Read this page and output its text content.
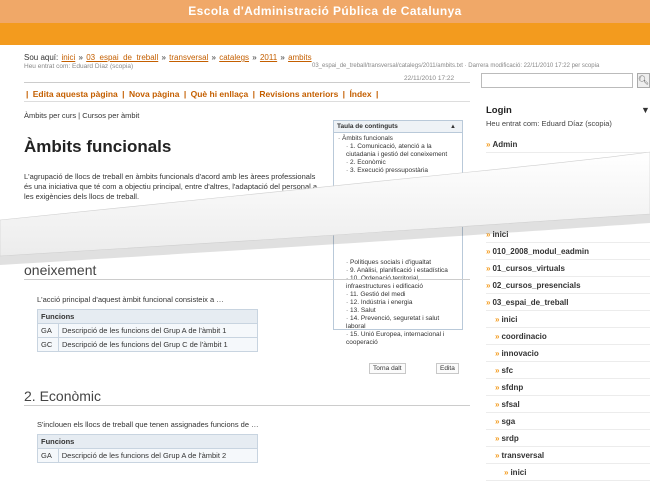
Escola d'Administració Pública de Catalunya
Sou aquí: inici » 03_espai_de_treball » transversal » catalegs » 2011 » ambits
Heu entrat com: Eduard Díaz (scopia)	03_espai_de_treball/transversal/catalegs/2011/ambits.txt · Darrera modificació: 22/11/2010 17:22 per scopia
22/11/2010 17:22	🔍︎
| Edita aquesta pàgina | Nova pàgina | Què hi enllaça | Revisions anteriors | Índex |
Àmbits per curs | Cursos per àmbit
Àmbits funcionals
L'agrupació de llocs de treball en àmbits funcionals d'acord amb les àrees professionals és una iniciativa que té com a objectiu principal, entre d'altres, l'adaptació del personal a les exigències dels llocs de treball.
Taula de continguts	▲
· Àmbits funcionals
· 1. Comunicació, atenció a la ciutadania i gestió del coneixement
· 2. Econòmic
· 3. Execució pressupostària
· Polítiques socials i d'igualtat
· 9. Anàlisi, planificació i estadística
· 10. Ordenació territorial, infraestructures i edificació
· 11. Gestió del medi
· 12. Indústria i energia
· 13. Salut
· 14. Prevenció, seguretat i salut laboral
· 15. Unió Europea, internacional i cooperació
oneixement
L'acció principal d'aquest àmbit funcional consisteix a …
Funcions	
GA	Descripció de les funcions del Grup A de l'àmbit 1
GC	Descripció de les funcions del Grup C de l'àmbit 1
Torna dalt	Edita
2. Econòmic
S'inclouen els llocs de treball que tenen assignades funcions de …
Funcions
GA	Descripció de les funcions del Grup A de l'àmbit 2
Login	▼
Heu entrat com: Eduard Díaz (scopia)
» Admin
» inici
» 010_2008_modul_eadmin
» 01_cursos_virtuals
» 02_cursos_presencials
» 03_espai_de_treball
» inici
» coordinacio
» innovacio
» sfc
» sfdnp
» sfsal
» sga
» srdp
» transversal
» inici
